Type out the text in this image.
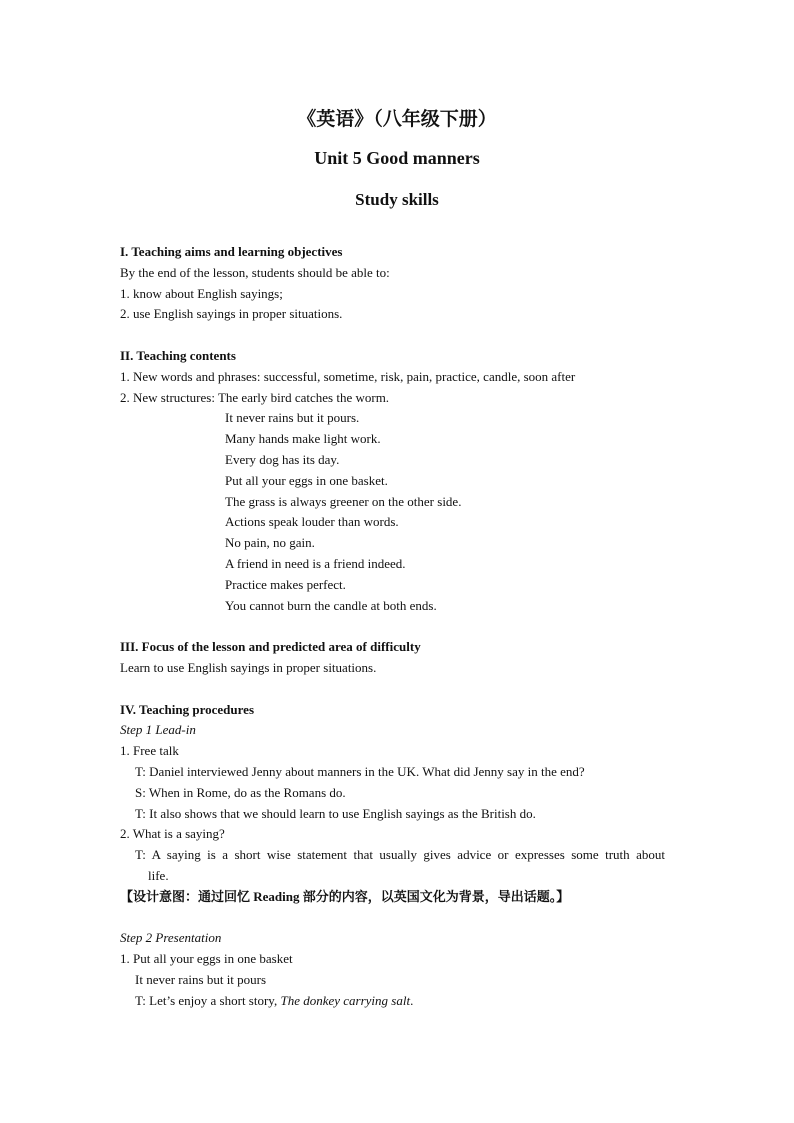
《英语》（八年级下册）
Unit 5 Good manners
Study skills
I. Teaching aims and learning objectives
By the end of the lesson, students should be able to:
1. know about English sayings;
2. use English sayings in proper situations.
II. Teaching contents
1. New words and phrases: successful, sometime, risk, pain, practice, candle, soon after
2. New structures: The early bird catches the worm.
It never rains but it pours.
Many hands make light work.
Every dog has its day.
Put all your eggs in one basket.
The grass is always greener on the other side.
Actions speak louder than words.
No pain, no gain.
A friend in need is a friend indeed.
Practice makes perfect.
You cannot burn the candle at both ends.
III. Focus of the lesson and predicted area of difficulty
Learn to use English sayings in proper situations.
IV. Teaching procedures
Step 1 Lead-in
1. Free talk
T: Daniel interviewed Jenny about manners in the UK. What did Jenny say in the end?
S: When in Rome, do as the Romans do.
T: It also shows that we should learn to use English sayings as the British do.
2. What is a saying?
T: A saying is a short wise statement that usually gives advice or expresses some truth about
life.
【设计意图：通过回忆 Reading 部分的内容，以英国文化为背景，导出话题。】
Step 2 Presentation
1. Put all your eggs in one basket
It never rains but it pours
T: Let’s enjoy a short story, The donkey carrying salt.
